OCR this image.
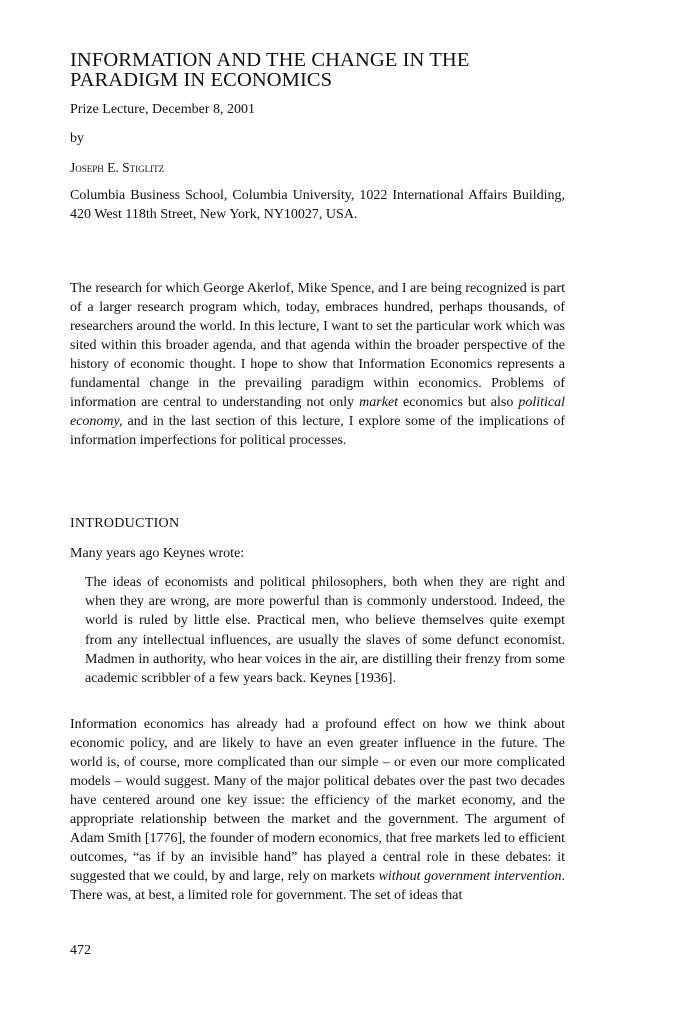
INFORMATION AND THE CHANGE IN THE
PARADIGM IN ECONOMICS
Prize Lecture, December 8, 2001
by
Joseph E. Stiglitz

Columbia Business School, Columbia University, 1022 International Affairs Building, 420 West 118th Street, New York, NY10027, USA.

The research for which George Akerlof, Mike Spence, and I are being recognized is part of a larger research program which, today, embraces hundred, perhaps thousands, of researchers around the world. In this lecture, I want to set the particular work which was sited within this broader agenda, and that agenda within the broader perspective of the history of economic thought. I hope to show that Information Economics represents a fundamental change in the prevailing paradigm within economics. Problems of information are central to understanding not only market economics but also political economy, and in the last section of this lecture, I explore some of the implications of information imperfections for political processes.

INTRODUCTION
Many years ago Keynes wrote:

The ideas of economists and political philosophers, both when they are right and when they are wrong, are more powerful than is commonly understood. Indeed, the world is ruled by little else. Practical men, who believe themselves quite exempt from any intellectual influences, are usually the slaves of some defunct economist. Madmen in authority, who hear voices in the air, are distilling their frenzy from some academic scribbler of a few years back. Keynes [1936].

Information economics has already had a profound effect on how we think about economic policy, and are likely to have an even greater influence in the future. The world is, of course, more complicated than our simple – or even our more complicated models – would suggest. Many of the major political debates over the past two decades have centered around one key issue: the efficiency of the market economy, and the appropriate relationship between the market and the government. The argument of Adam Smith [1776], the founder of modern economics, that free markets led to efficient outcomes, “as if by an invisible hand” has played a central role in these debates: it suggested that we could, by and large, rely on markets without government intervention. There was, at best, a limited role for government. The set of ideas that

472
